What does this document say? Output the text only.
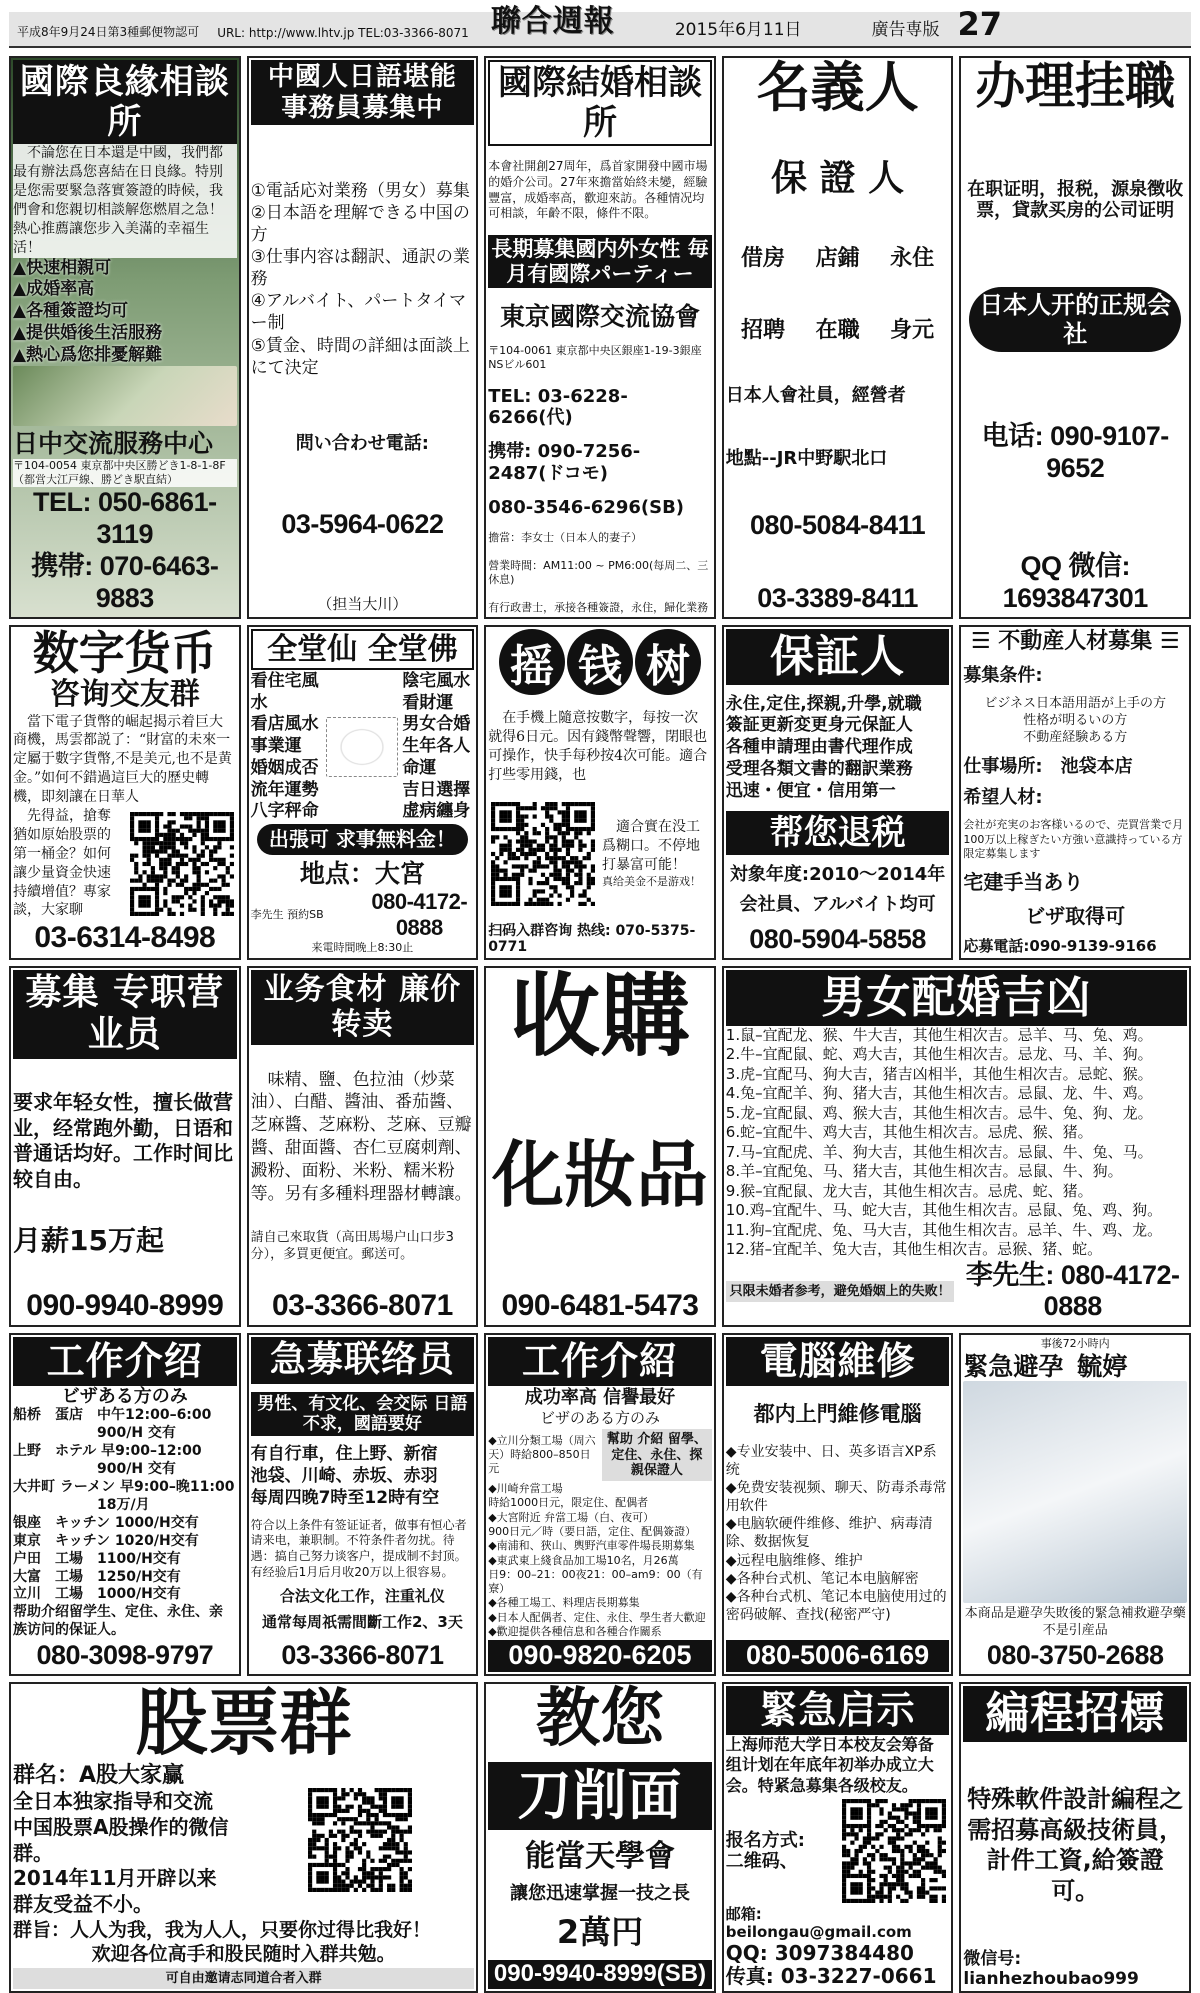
平成8年9月24日第3種郵便物認可 URL: http://www.lhtv.jp TEL:03-3366-8071 聯合週報	2015年6月11日	廣告専版 27
國際良緣相談所
不論您在日本還是中國，我們都最有辦法爲您喜結在日良緣。特別是您需要緊急落實簽證的時候，我們會和您親切相談解您燃眉之急！熱心推薦讓您步入美滿的幸福生活！
▲快速相親可
▲成婚率高
▲各種簽證均可
▲提供婚後生活服務
▲熱心爲您排憂解難
日中交流服務中心
〒104-0054 東京都中央区勝どき1-8-1-8F（都営大江戸線、勝どき駅直結）
TEL: 050-6861-3119
携帯: 070-6463-9883
中國人日語堪能 事務員募集中
①電話応対業務（男女）募集
②日本語を理解できる中国の方
③仕事内容は翻訳、通訳の業務
④アルバイト、パートタイマー制
⑤賃金、時間の詳細は面談上にて決定
問い合わせ電話:
03-5964-0622
（担当大川）
國際結婚相談所
本會社開創27周年，爲首家開發中國市場的婚介公司。27年來擔當始終未變，經驗豐富，成婚率高，歡迎來訪。各種情况均可相談，年齡不限，條件不限。
長期募集國内外女性 毎月有國際パーティー
東京國際交流協會
〒104-0061 東京都中央区銀座1-19-3銀座NSビル601
TEL: 03-6228-6266(代)
携帯: 090-7256-2487(ドコモ)
080-3546-6296(SB)
擔當：李女士（日本人的妻子）
營業時間：AM11:00 ~ PM6:00(每周二、三休息)
有行政書士，承接各種簽證，永住，歸化業務
名義人
保 證 人
借房 店鋪 永住
招聘 在職 身元
日本人會社員，經營者
地點--JR中野駅北口
080-5084-8411
03-3389-8411
办理挂職
在职证明，报税，源泉徴收票，貸款买房的公司证明
日本人开的正规会社
电话: 090-9107-9652
QQ 微信: 1693847301
数字货币
咨询交友群
當下電子貨幣的崛起揭示着巨大商機，馬雲都説了：“財富的未來一定屬于數字貨幣,不是美元,也不是黄金。”如何不錯過這巨大的歷史轉機，即刻讓在日華人
先得益，搶奪猶如原始股票的第一桶金？如何讓少量資金快速持續增值？專家談，大家聊
03-6314-8498
全堂仙 全堂佛
看住宅風水
看店風水
事業運
婚姻成否
流年運勢
八字秤命
陰宅風水
看財運
男女合婚
生年各人命運
吉日選擇
虚病纏身
出張可 求事無料金！
地点：大宮
李先生 預約SB
080-4172-0888
来電時間晚上8:30止
摇 钱 树
在手機上隨意按數字，每按一次就得6日元。因有錢幣聲響，閉眼也可操作，快手每秒按4次可能。適合打些零用錢，也
適合實在没工爲糊口。不停地打暴富可能！
真给美金不是游戏！
扫码入群咨询 热线: 070-5375-0771
保証人
永住,定住,探親,升學,就職
簽証更新変更身元保証人
各種申請理由書代理作成
受理各類文書的翻訳業務
迅速・便宜・信用第一
帮您退税
対象年度:2010～2014年
会社員、アルバイト均可
080-5904-5858
☰ 不動産人材募集 ☰
募集条件:
ビジネス日本語用語が上手の方
性格が明るいの方
不動産経験ある方
仕事場所:　池袋本店
希望人材:
会社が充実のお客様いるので、売買営業で月100万以上稼ぎたい方強い意識持っている方限定募集します
宅建手当あり
ビザ取得可
応募電話:090-9139-9166
募集 专职营业员
要求年轻女性，擅长做营业，经常跑外勤，日语和普通话均好。工作时间比较自由。
月薪15万起
090-9940-8999
业务食材 廉价转卖
味精、鹽、色拉油（炒菜油）、白醋、醬油、番茄醬、芝麻醬、芝麻粉、芝麻、豆瓣醬、甜面醬、杏仁豆腐刺劑、澱粉、面粉、米粉、糯米粉等。另有多種料理器材轉讓。
請自己來取貨（高田馬場户山口步3分），多買更便宜。郵送可。
03-3366-8071
收購
化妝品
090-6481-5473
男女配婚吉凶
1.鼠–宜配龙、猴、牛大吉，其他生相次吉。忌羊、马、兔、鸡。
2.牛–宜配鼠、蛇、鸡大吉，其他生相次吉。忌龙、马、羊、狗。
3.虎–宜配马、狗大吉，猪吉凶相半，其他生相次吉。忌蛇、猴。
4.兔–宜配羊、狗、猪大吉，其他生相次吉。忌鼠、龙、牛、鸡。
5.龙–宜配鼠、鸡、猴大吉，其他生相次吉。忌牛、兔、狗、龙。
6.蛇–宜配牛、鸡大吉，其他生相次吉。忌虎、猴、猪。
7.马–宜配虎、羊、狗大吉，其他生相次吉。忌鼠、牛、兔、马。
8.羊–宜配兔、马、猪大吉，其他生相次吉。忌鼠、牛、狗。
9.猴–宜配鼠、龙大吉，其他生相次吉。忌虎、蛇、猪。
10.鸡–宜配牛、马、蛇大吉，其他生相次吉。忌鼠、兔、鸡、狗。
11.狗–宜配虎、兔、马大吉，其他生相次吉。忌羊、牛、鸡、龙。
12.猪–宜配羊、兔大吉，其他生相次吉。忌猴、猪、蛇。
只限未婚者参考，避免婚姻上的失败！
李先生: 080-4172-0888
工作介绍
ビザある方のみ
船桥　蛋店　中午12:00–6:00
　　　　　　900/H 交有
上野　ホテル 早9:00–12:00
　　　　　　900/H 交有
大井町 ラーメン 早9:00–晚11:00
　　　　　　18万/月
银座　キッチン 1000/H交有
東京　キッチン 1020/H交有
户田　工場　1100/H交有
大富　工場　1250/H交有
立川　工場　1000/H交有
帮助介绍留学生、定住、永住、亲族访问的保证人。
080-3098-9797
急募联络员
男性、有文化、会交际 日語不求，國語要好
有自行車，住上野、新宿
池袋、川崎、赤坂、赤羽
每周四晚7時至12時有空
符合以上条件有签证证者，做事有恒心者请来电，兼职制。不符条件者勿扰。待遇：搞自己努力谈客户，提成制不封顶。有经验后1月后月收20万以上很容易。
合法文化工作，注重礼仪
通常每周祇需間斷工作2、3天
03-3366-8071
工作介紹
成功率高 信譽最好
ビザのある方のみ
◆立川分類工場（周六天）時給800–850日元
幫助 介紹 留學、定住、永住、探親保證人
◆川崎弁當工場
時給1000日元，限定住、配偶者
◆大宮附近 弁當工場（白、夜可）
900日元／時（要日語，定住、配偶簽證）
◆南浦和、狹山、輿野汽車零件場長期募集
◆東武東上綫食品加工場10名，月26萬
日9：00–21：00夜21：00–am9：00（有寮）
◆各種工場工、料理店長期募集
◆日本人配偶者、定住、永住、學生者大歡迎
◆歡迎提供各種信息和各種合作關系
090-9820-6205
電腦維修
都内上門維修電腦
◆专业安装中、日、英多语言XP系统
◆免费安装视频、聊天、防毒杀毒常用软件
◆电脑软硬件维修、维护、病毒清除、数据恢复
◆远程电脑维修、维护
◆各种台式机、笔记本电脑解密
◆各种台式机、笔记本电脑使用过的密码破解、查找(秘密严守)
080-5006-6169
事後72小時内
緊急避孕 毓婷
本商品是避孕失敗後的緊急補救避孕藥
不是引産品
080-3750-2688
股票群
群名：A股大家赢
全日本独家指导和交流
中国股票A股操作的微信群。
2014年11月开辟以来
群友受益不小。
群旨：人人为我，我为人人，只要你过得比我好！
欢迎各位高手和股民随时入群共勉。
可自由邀请志同道合者入群
教您
刀削面
能當天學會
讓您迅速掌握一技之長
2萬円
090-9940-8999(SB)
緊急启示
上海师范大学日本校友会筹备组计划在年底年初举办成立大会。特紧急募集各级校友。
报名方式:
二维码、
邮箱: beilongau@gmail.com
QQ: 3097384480
传真: 03-3227-0661
編程招標
特殊軟件設計編程之需招募高級技術員，計件工資,給簽證可。
微信号: lianhezhoubao999
